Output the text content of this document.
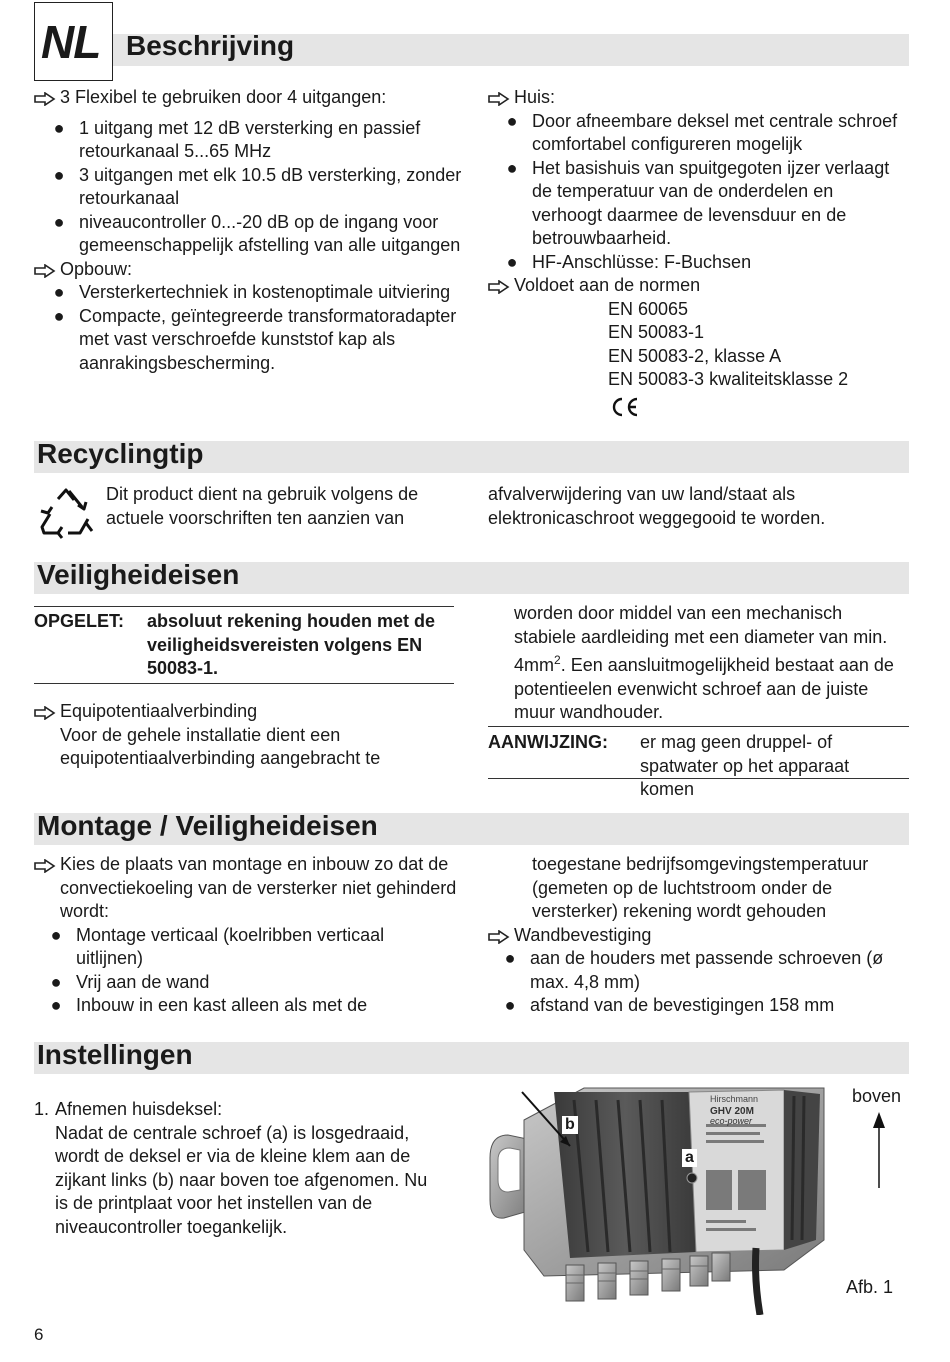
NL Beschrijving
3 Flexibel te gebruiken door 4 uitgangen:
● 1 uitgang met 12 dB versterking en passief retourkanaal 5...65 MHz
● 3 uitgangen met elk 10.5 dB versterking, zonder retourkanaal
● niveaucontroller 0...-20 dB op de ingang voor gemeenschappelijk afstelling van alle uitgangen
Opbouw:
● Versterkertechniek in kostenoptimale uitviering
● Compacte, geïntegreerde transformatoradapter met vast verschroefde kunststof kap als aanrakingsbescherming.
Huis:
● Door afneembare deksel met centrale schroef comfortabel configureren mogelijk
● Het basishuis van spuitgegoten ijzer verlaagt de temperatuur van de onderdelen en verhoogt daarmee de levensduur en de betrouwbaarheid.
● HF-Anschlüsse: F-Buchsen
Voldoet aan de normen
EN 60065
EN 50083-1
EN 50083-2, klasse A
EN 50083-3 kwaliteitsklasse 2
Recyclingtip
Dit product dient na gebruik volgens de actuele voorschriften ten aanzien van
afvalverwijdering van uw land/staat als elektronicaschroot weggegooid te worden.
Veiligheideisen
OPGELET: absoluut rekening houden met de veiligheidsvereisten volgens EN 50083-1.
Equipotentiaalverbinding
Voor de gehele installatie dient een equipotentiaalverbinding aangebracht te
worden door middel van een mechanisch stabiele aardleiding met een diameter van min. $4mm^2$. Een aansluitmogelijkheid bestaat aan de potentieelen evenwicht schroef aan de juiste muur wandhouder.
AANWIJZING: er mag geen druppel- of spatwater op het apparaat komen
Montage / Veiligheideisen
Kies de plaats van montage en inbouw zo dat de convectiekoeling van de versterker niet gehinderd wordt:
● Montage verticaal (koelribben verticaal uitlijnen)
● Vrij aan de wand
● Inbouw in een kast alleen als met de
toegestane bedrijfsomgevingstemperatuur (gemeten op de luchtstroom onder de versterker) rekening wordt gehouden
Wandbevestiging
● aan de houders met passende schroeven (ø max. 4,8 mm)
● afstand van de bevestigingen 158 mm
Instellingen
1. Afnemen huisdeksel:
Nadat de centrale schroef (a) is losgedraaid, wordt de deksel er via de kleine klem aan de zijkant links (b) naar boven toe afgenomen. Nu is de printplaat voor het instellen van de niveaucontroller toegankelijk.
Hirschmann
GHV 20M
eco-power
b
a
boven
Afb. 1
6
